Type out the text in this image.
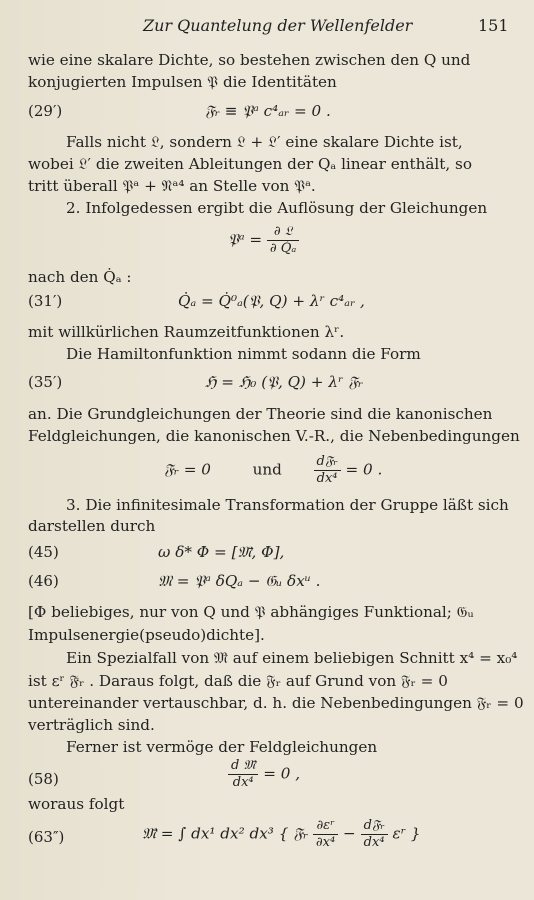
Zur Quantelung der Wellenfelder	151
wie eine skalare Dichte, so bestehen zwischen den Q und
konjugierten Impulsen 𝔓 die Identitäten
(29′)	𝔉ᵣ ≡ 𝔓ᵃ c⁴ₐᵣ = 0 .
Falls nicht 𝔏, sondern 𝔏 + 𝔏′ eine skalare Dichte ist,
wobei 𝔏′ die zweiten Ableitungen der Qₐ linear enthält, so
tritt überall 𝔓ᵃ + 𝔑ᵃ⁴ an Stelle von 𝔓ᵃ.
2. Infolgedessen ergibt die Auflösung der Gleichungen
𝔓ᵃ = $\frac{\text{∂ 𝔏}}{\text{∂ Q̇ₐ}}$
nach den Q̇ₐ :
(31′)	Q̇ₐ = Q̇⁰ₐ(𝔓, Q) + λʳ c⁴ₐᵣ ,
mit willkürlichen Raumzeitfunktionen λʳ.
Die Hamiltonfunktion nimmt sodann die Form
(35′)	ℌ = ℌ₀ (𝔓, Q) + λʳ 𝔉ᵣ
an. Die Grundgleichungen der Theorie sind die kanonischen
Feldgleichungen, die kanonischen V.-R., die Nebenbedingungen
𝔉ᵣ = 0	und $\frac{\text{d𝔉ᵣ}}{\text{dx⁴}} = 0$ .
3. Die infinitesimale Transformation der Gruppe läßt sich
darstellen durch
(45)	ω δ* Φ = [𝔐̄, Φ],
(46)	𝔐 = 𝔓ᵃ δQₐ − 𝔊ᵤ δxᵘ .
[Φ beliebiges, nur von Q und 𝔓 abhängiges Funktional; 𝔊ᵤ
Impulsenergie(pseudo)dichte].
Ein Spezialfall von 𝔐̄ auf einem beliebigen Schnitt x⁴ = x₀⁴
ist εʳ 𝔉̄ᵣ . Daraus folgt, daß die 𝔉ᵣ auf Grund von 𝔉ᵣ = 0
untereinander vertauschbar, d. h. die Nebenbedingungen 𝔉ᵣ = 0
verträglich sind.
Ferner ist vermöge der Feldgleichungen
(58)	$\frac{\text{d 𝔐̄}}{\text{dx⁴}} = 0$ ,
woraus folgt
(63″)	𝔐̄ = ∫ dx¹ dx² dx³ { 𝔉ᵣ $\frac{\text{∂εʳ}}{\text{∂x⁴}} - \frac{\text{d𝔉ᵣ}}{\text{dx⁴}}$ εʳ }
